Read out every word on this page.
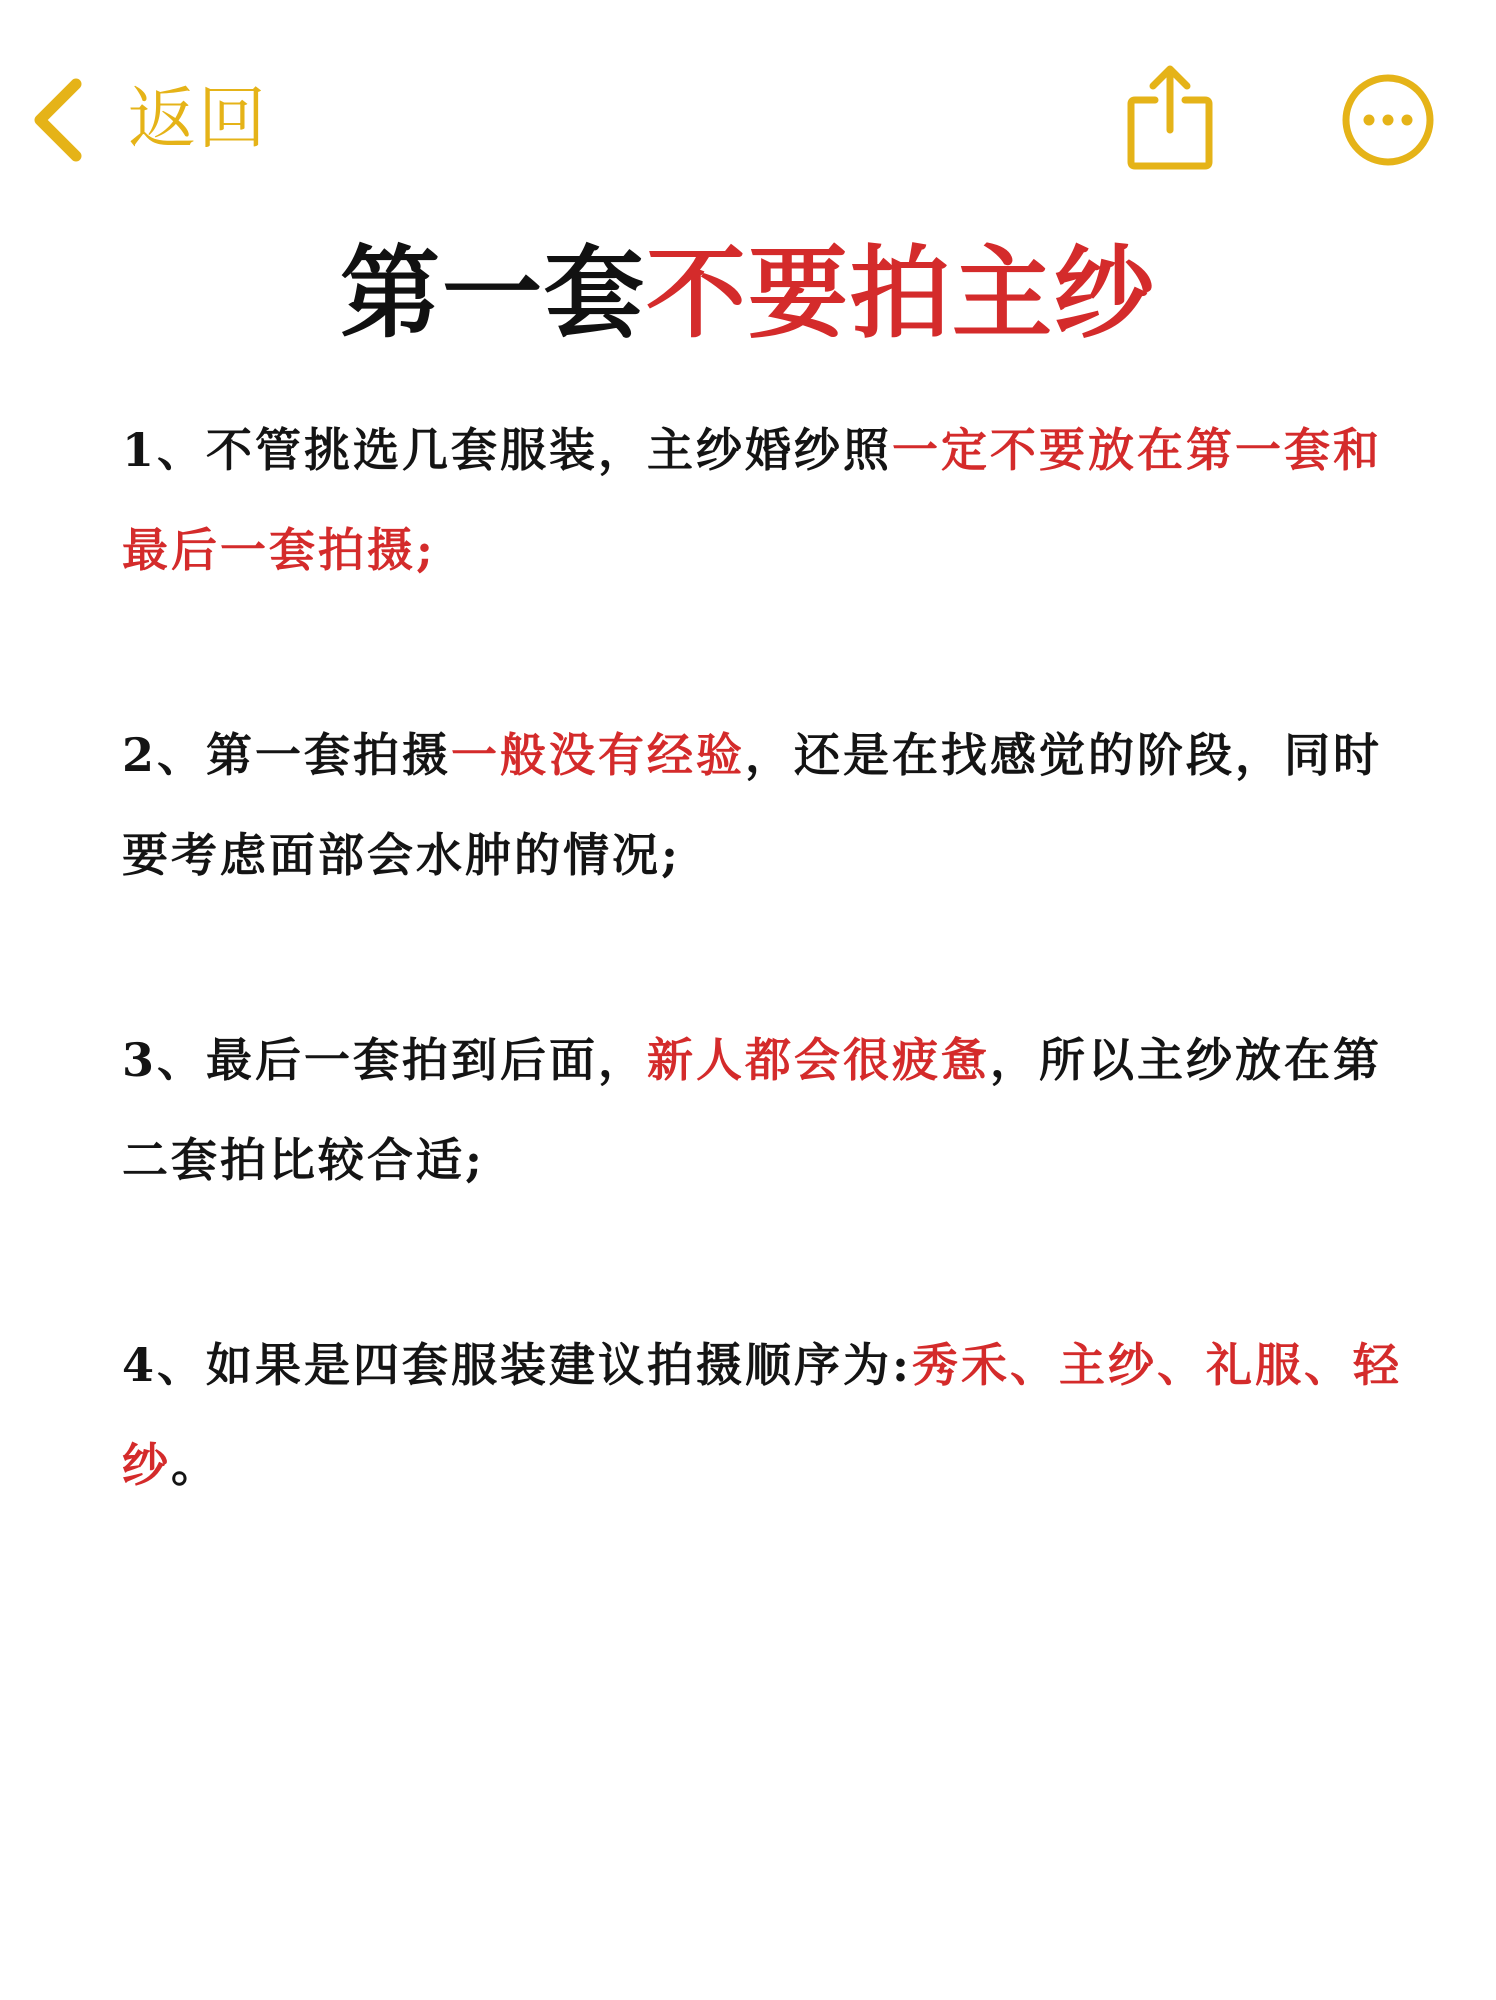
返回
第一套不要拍主纱

1、不管挑选几套服装，主纱婚纱照一定不要放在第一套和最后一套拍摄;

2、第一套拍摄一般没有经验，还是在找感觉的阶段，同时要考虑面部会水肿的情况;

3、最后一套拍到后面，新人都会很疲惫，所以主纱放在第二套拍比较合适;

4、如果是四套服装建议拍摄顺序为:秀禾、主纱、礼服、轻纱。
